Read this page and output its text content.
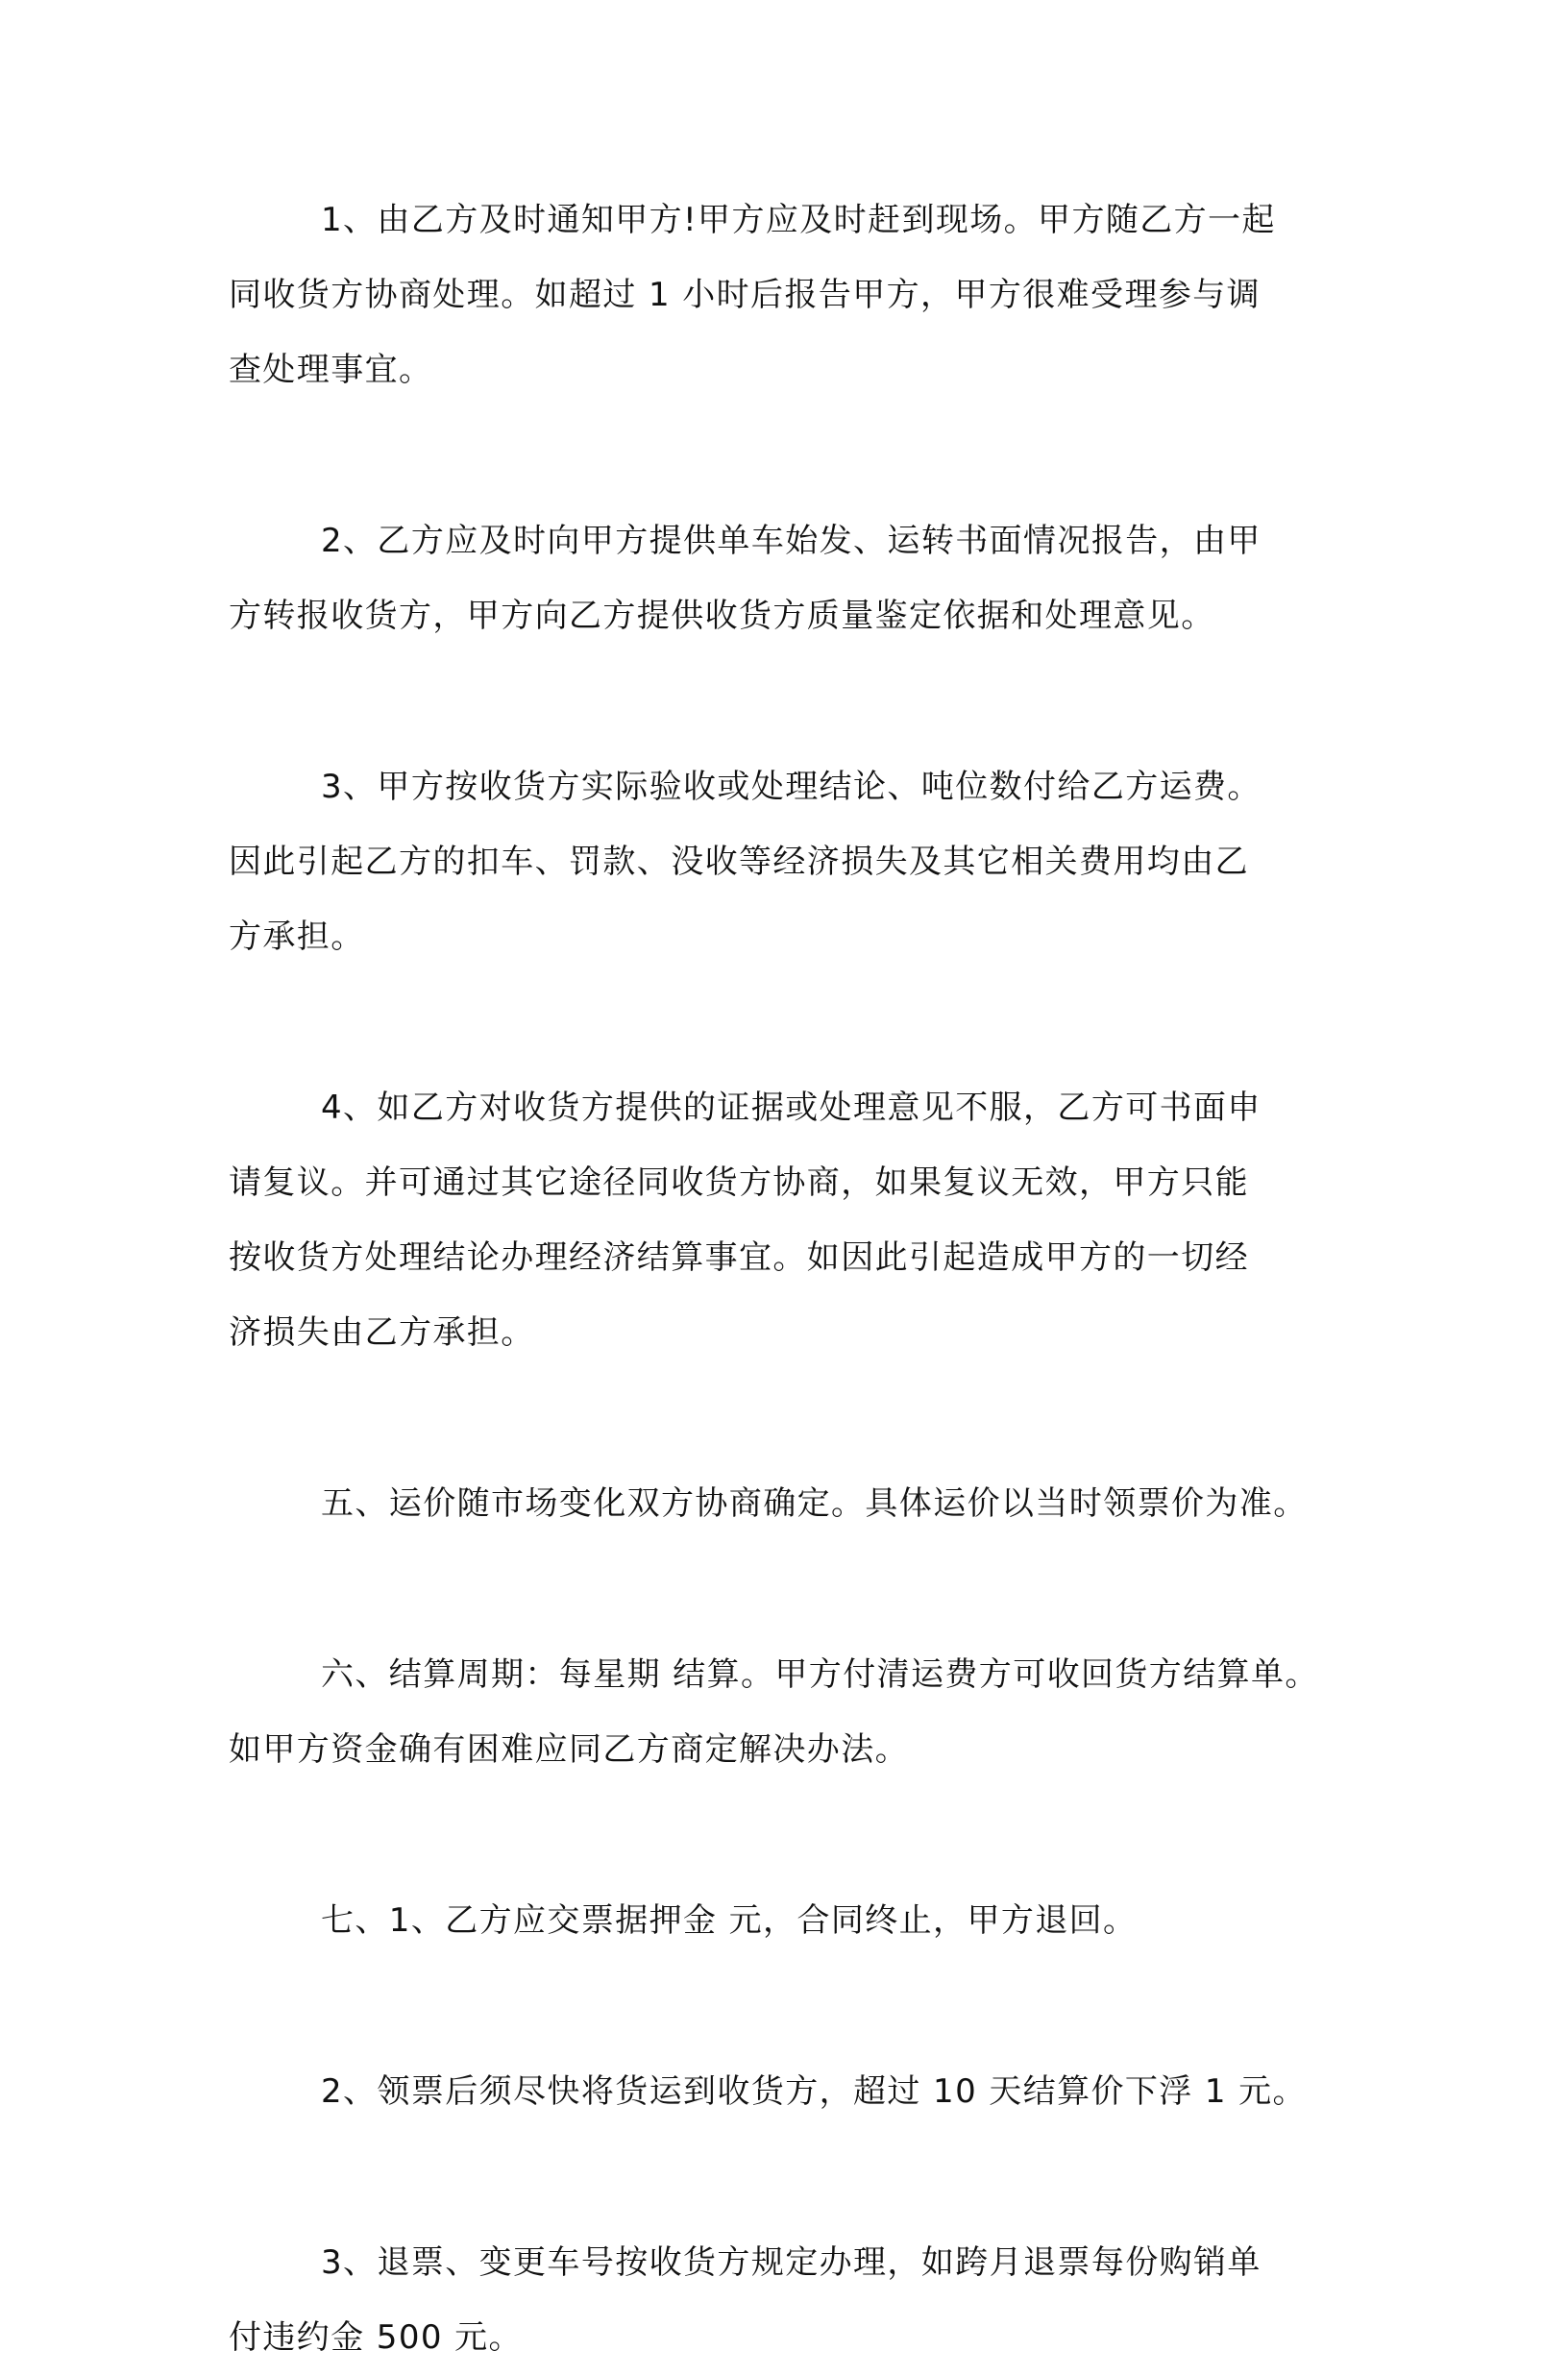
1、由乙方及时通知甲方!甲方应及时赶到现场。甲方随乙方一起
同收货方协商处理。如超过 1 小时后报告甲方，甲方很难受理参与调
查处理事宜。
2、乙方应及时向甲方提供单车始发、运转书面情况报告，由甲
方转报收货方，甲方向乙方提供收货方质量鉴定依据和处理意见。
3、甲方按收货方实际验收或处理结论、吨位数付给乙方运费。
因此引起乙方的扣车、罚款、没收等经济损失及其它相关费用均由乙
方承担。
4、如乙方对收货方提供的证据或处理意见不服，乙方可书面申
请复议。并可通过其它途径同收货方协商，如果复议无效，甲方只能
按收货方处理结论办理经济结算事宜。如因此引起造成甲方的一切经
济损失由乙方承担。
五、运价随市场变化双方协商确定。具体运价以当时领票价为准。
六、结算周期：每星期 结算。甲方付清运费方可收回货方结算单。
如甲方资金确有困难应同乙方商定解决办法。
七、1、乙方应交票据押金 元，合同终止，甲方退回。
2、领票后须尽快将货运到收货方，超过 10 天结算价下浮 1 元。
3、退票、变更车号按收货方规定办理，如跨月退票每份购销单
付违约金 500 元。
